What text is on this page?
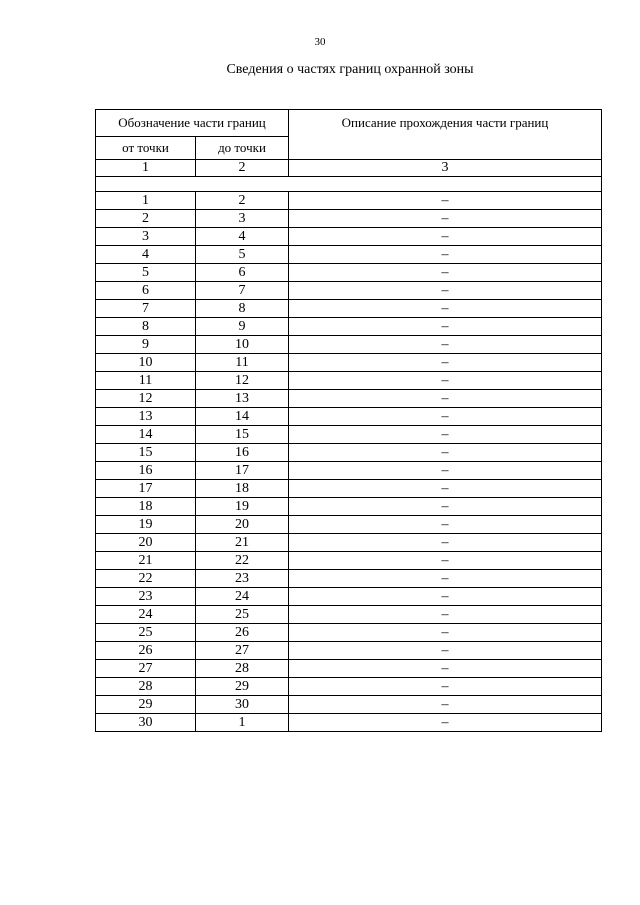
30
Сведения о частях границ охранной зоны
Обозначение части границ		Описание прохождения части границ
от точки	до точки	
1	2	3

1	2	–
2	3	–
3	4	–
4	5	–
5	6	–
6	7	–
7	8	–
8	9	–
9	10	–
10	11	–
11	12	–
12	13	–
13	14	–
14	15	–
15	16	–
16	17	–
17	18	–
18	19	–
19	20	–
20	21	–
21	22	–
22	23	–
23	24	–
24	25	–
25	26	–
26	27	–
27	28	–
28	29	–
29	30	–
30	1	–
